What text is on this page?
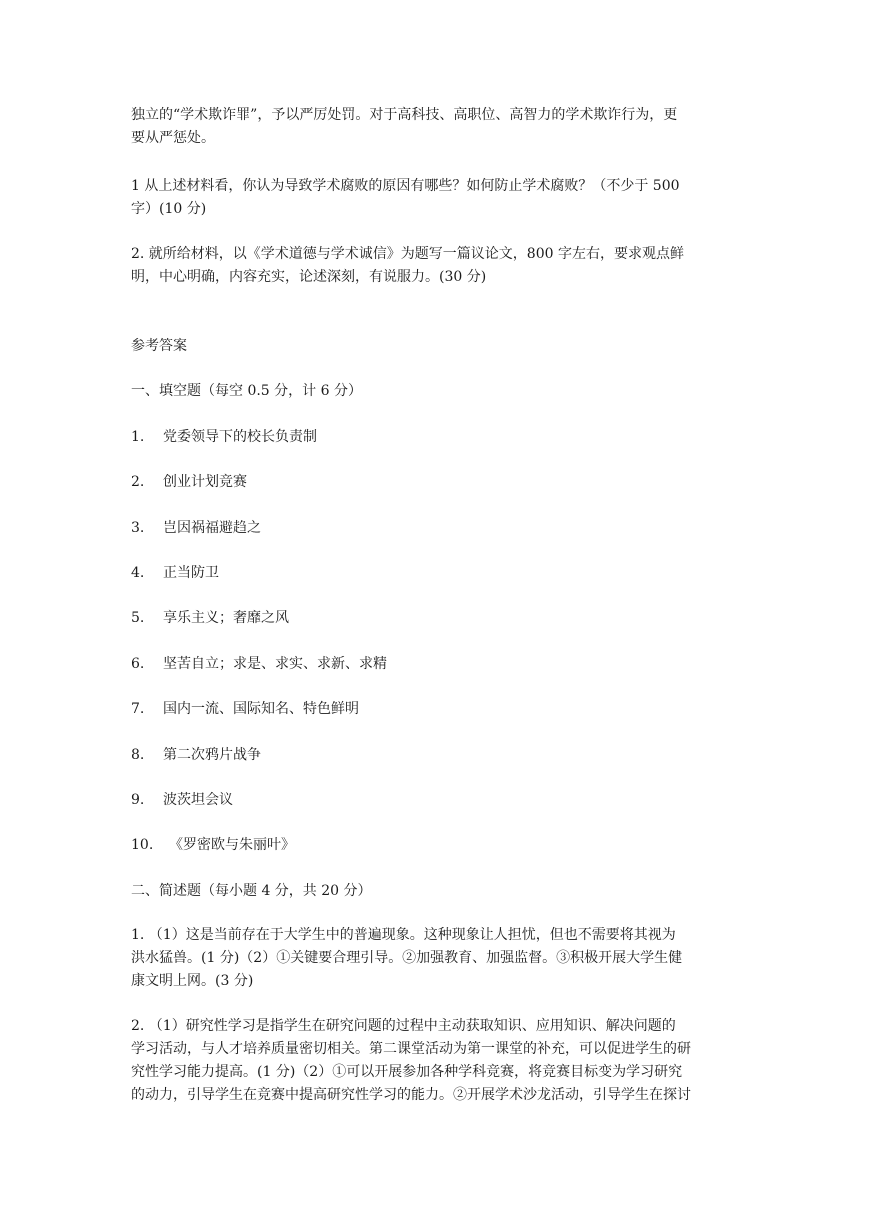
独立的“学术欺诈罪”，予以严厉处罚。对于高科技、高职位、高智力的学术欺诈行为，更
要从严惩处。

1 从上述材料看，你认为导致学术腐败的原因有哪些？如何防止学术腐败？（不少于 500
字）(10 分)

2. 就所给材料，以《学术道德与学术诚信》为题写一篇议论文，800 字左右，要求观点鲜
明，中心明确，内容充实，论述深刻，有说服力。(30 分)

参考答案

一、填空题（每空 0.5 分，计 6 分）

1. 党委领导下的校长负责制

2. 创业计划竞赛

3. 岂因祸福避趋之

4. 正当防卫

5. 享乐主义；奢靡之风

6. 坚苦自立；求是、求实、求新、求精

7. 国内一流、国际知名、特色鲜明

8. 第二次鸦片战争

9. 波茨坦会议

10. 《罗密欧与朱丽叶》

二、简述题（每小题 4 分，共 20 分）

1. （1）这是当前存在于大学生中的普遍现象。这种现象让人担忧，但也不需要将其视为
洪水猛兽。(1 分)（2）①关键要合理引导。②加强教育、加强监督。③积极开展大学生健
康文明上网。(3 分)

2. （1）研究性学习是指学生在研究问题的过程中主动获取知识、应用知识、解决问题的
学习活动，与人才培养质量密切相关。第二课堂活动为第一课堂的补充，可以促进学生的研
究性学习能力提高。(1 分)（2）①可以开展参加各种学科竞赛，将竞赛目标变为学习研究
的动力，引导学生在竞赛中提高研究性学习的能力。②开展学术沙龙活动，引导学生在探讨
